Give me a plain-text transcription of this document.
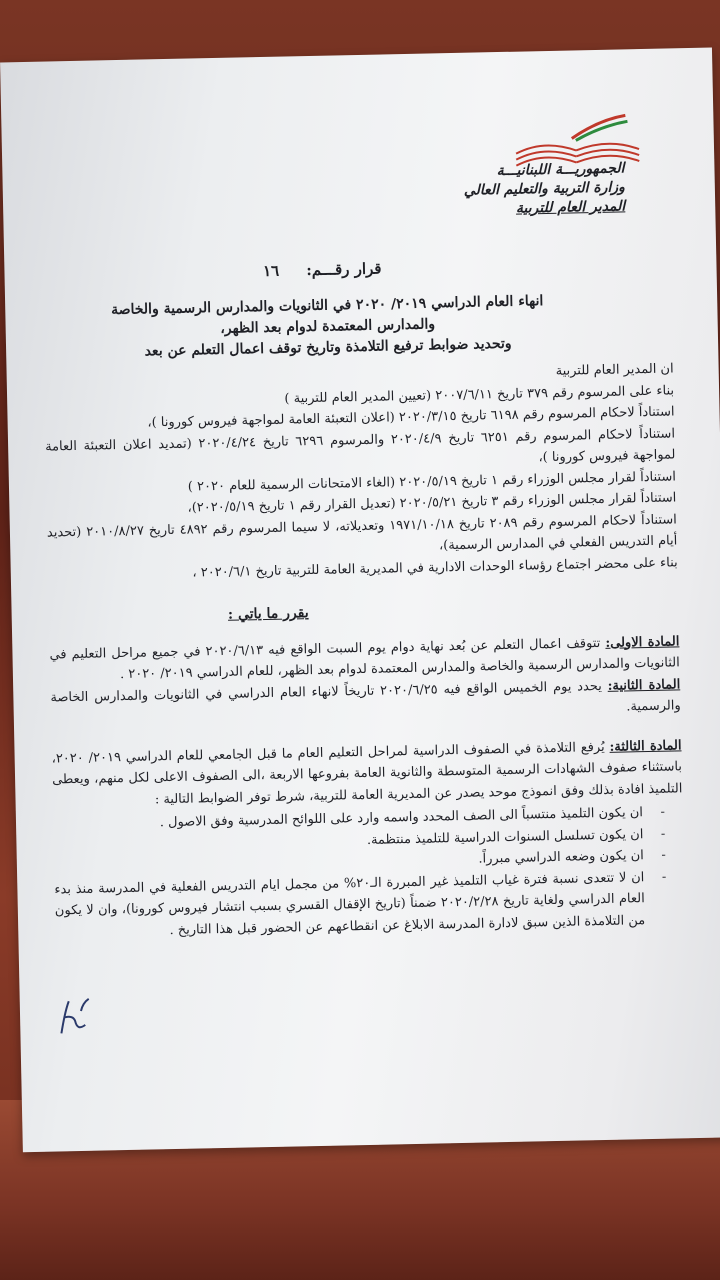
الجمهوريـــة اللبنانيـــة
وزارة التربية والتعليم العالي
المدير العام للتربية
قرار رقـــم: ١٦
انهاء العام الدراسي ٢٠١٩/ ٢٠٢٠ في الثانويات والمدارس الرسمية والخاصة
والمدارس المعتمدة لدوام بعد الظهر،
وتحديد ضوابط ترفيع التلامذة وتاريخ توقف اعمال التعلم عن بعد

ان المدير العام للتربية

بناء على المرسوم رقم ٣٧٩ تاريخ ٢٠٠٧/٦/١١ (تعيين المدير العام للتربية )

استناداً لاحكام المرسوم رقم ٦١٩٨ تاريخ ٢٠٢٠/٣/١٥ (اعلان التعبئة العامة لمواجهة فيروس كورونا )،

استناداً لاحكام المرسوم رقم ٦٢٥١ تاريخ ٢٠٢٠/٤/٩ والمرسوم ٦٢٩٦ تاريخ ٢٠٢٠/٤/٢٤ (تمديد اعلان التعبئة العامة لمواجهة فيروس كورونا )،

استناداً لقرار مجلس الوزراء رقم ١ تاريخ ٢٠٢٠/٥/١٩ (الغاء الامتحانات الرسمية للعام ٢٠٢٠ )

استناداً لقرار مجلس الوزراء رقم ٣ تاريخ ٢٠٢٠/٥/٢١ (تعديل القرار رقم ١ تاريخ ٢٠٢٠/٥/١٩)،

استناداً لاحكام المرسوم رقم ٢٠٨٩ تاريخ ١٩٧١/١٠/١٨ وتعديلاته، لا سيما المرسوم رقم ٤٨٩٢ تاريخ ٢٠١٠/٨/٢٧ (تحديد أيام التدريس الفعلي في المدارس الرسمية)،

بناء على محضر اجتماع رؤساء الوحدات الادارية في المديرية العامة للتربية تاريخ ٢٠٢٠/٦/١ ،

يقرر ما ياتي :

المادة الاولى: تتوقف اعمال التعلم عن بُعد نهاية دوام يوم السبت الواقع فيه ٢٠٢٠/٦/١٣ في جميع مراحل التعليم في الثانويات والمدارس الرسمية والخاصة والمدارس المعتمدة لدوام بعد الظهر، للعام الدراسي ٢٠١٩/ ٢٠٢٠ .

المادة الثانية: يحدد يوم الخميس الواقع فيه ٢٠٢٠/٦/٢٥ تاريخاً لانهاء العام الدراسي في الثانويات والمدارس الخاصة والرسمية.

المادة الثالثة: يُرفع التلامذة في الصفوف الدراسية لمراحل التعليم العام ما قبل الجامعي للعام الدراسي ٢٠١٩/ ٢٠٢٠، باستثناء صفوف الشهادات الرسمية المتوسطة والثانوية العامة بفروعها الاربعة ،الى الصفوف الاعلى لكل منهم، ويعطى التلميذ افادة بذلك وفق انموذج موحد يصدر عن المديرية العامة للتربية، شرط توفر الضوابط التالية :

- ان يكون التلميذ منتسباً الى الصف المحدد واسمه وارد على اللوائح المدرسية وفق الاصول .
- ان يكون تسلسل السنوات الدراسية للتلميذ منتظمة.
- ان يكون وضعه الدراسي مبرراً.
- ان لا تتعدى نسبة فترة غياب التلميذ غير المبررة الـ٢٠% من مجمل ايام التدريس الفعلية في المدرسة منذ بدء العام الدراسي ولغاية تاريخ ٢٠٢٠/٢/٢٨ ضمناً (تاريخ الإقفال القسري بسبب انتشار فيروس كورونا)، وان لا يكون من التلامذة الذين سبق لادارة المدرسة الابلاغ عن انقطاعهم عن الحضور قبل هذا التاريخ .
